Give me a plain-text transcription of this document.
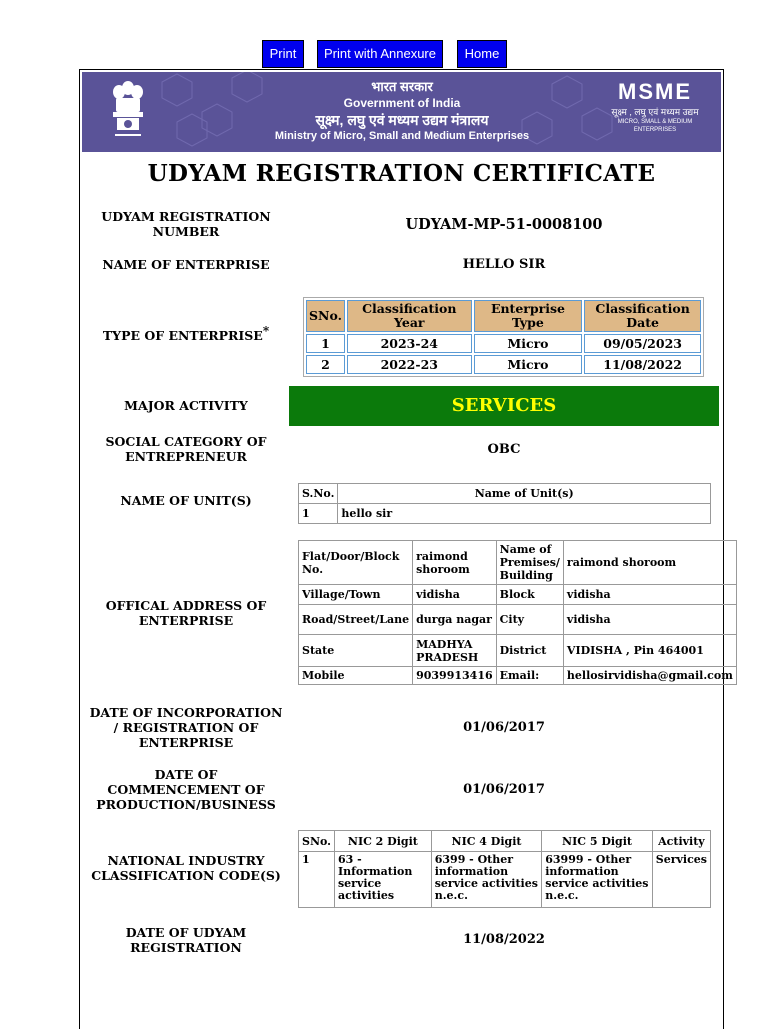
Print	Print with Annexure	Home
भारत सरकार
Government of India
सूक्ष्म, लघु एवं मध्यम उद्यम मंत्रालय
Ministry of Micro, Small and Medium Enterprises
MSME
सूक्ष्म , लघु एवं मध्यम उद्यम
MICRO, SMALL & MEDIUM ENTERPRISES
UDYAM REGISTRATION CERTIFICATE
UDYAM REGISTRATION NUMBER	UDYAM-MP-51-0008100
NAME OF ENTERPRISE	HELLO SIR
TYPE OF ENTERPRISE*
SNo.	Classification Year	Enterprise Type	Classification Date
1	2023-24	Micro	09/05/2023
2	2022-23	Micro	11/08/2022
MAJOR ACTIVITY	SERVICES
SOCIAL CATEGORY OF ENTREPRENEUR	OBC
NAME OF UNIT(S)	S.No.	Name of Unit(s)
1	hello sir
OFFICAL ADDRESS OF ENTERPRISE
Flat/Door/Block No.	raimond shoroom	Name of Premises/ Building	raimond shoroom
Village/Town	vidisha	Block	vidisha
Road/Street/Lane	durga nagar	City	vidisha
State	MADHYA PRADESH	District	VIDISHA , Pin 464001
Mobile	9039913416	Email:	hellosirvidisha@gmail.com
DATE OF INCORPORATION / REGISTRATION OF ENTERPRISE
01/06/2017
DATE OF COMMENCEMENT OF PRODUCTION/BUSINESS
01/06/2017
NATIONAL INDUSTRY CLASSIFICATION CODE(S)
SNo.	NIC 2 Digit	NIC 4 Digit	NIC 5 Digit	Activity
1	63 - Information service activities	6399 - Other information service activities n.e.c.	63999 - Other information service activities n.e.c.	Services
DATE OF UDYAM REGISTRATION
11/08/2022
